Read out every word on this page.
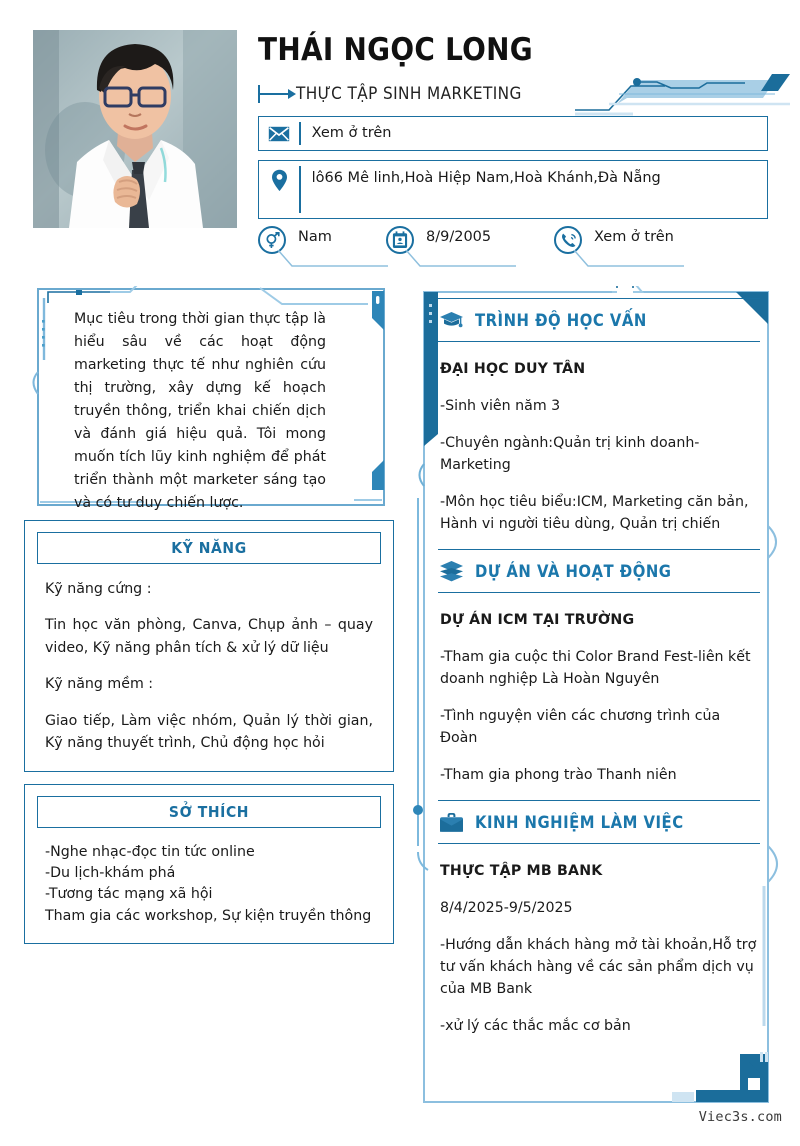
THÁI NGỌC LONG
THỰC TẬP SINH MARKETING
Xem ở trên
lô66 Mê linh,Hoà Hiệp Nam,Hoà Khánh,Đà Nẵng
Nam	8/9/2005	Xem ở trên
Mục tiêu trong thời gian thực tập là hiểu sâu về các hoạt động marketing thực tế như nghiên cứu thị trường, xây dựng kế hoạch truyền thông, triển khai chiến dịch và đánh giá hiệu quả. Tôi mong muốn tích lũy kinh nghiệm để phát triển thành một marketer sáng tạo và có tư duy chiến lược.
KỸ NĂNG

Kỹ năng cứng :

Tin học văn phòng, Canva, Chụp ảnh – quay video, Kỹ năng phân tích & xử lý dữ liệu

Kỹ năng mềm :

Giao tiếp, Làm việc nhóm, Quản lý thời gian, Kỹ năng thuyết trình, Chủ động học hỏi

SỞ THÍCH
-Nghe nhạc-đọc tin tức online
-Du lịch-khám phá
-Tương tác mạng xã hội
Tham gia các workshop, Sự kiện truyền thông
TRÌNH ĐỘ HỌC VẤN

ĐẠI HỌC DUY TÂN

-Sinh viên năm 3

-Chuyên ngành:Quản trị kinh doanh-Marketing

-Môn học tiêu biểu:ICM, Marketing căn bản, Hành vi người tiêu dùng, Quản trị chiến

DỰ ÁN VÀ HOẠT ĐỘNG

DỰ ÁN ICM TẠI TRƯỜNG

-Tham gia cuộc thi Color Brand Fest-liên kết doanh nghiệp Là Hoàn Nguyên

-Tình nguyện viên các chương trình của Đoàn

-Tham gia phong trào Thanh niên

KINH NGHIỆM LÀM VIỆC

THỰC TẬP MB BANK

8/4/2025-9/5/2025

-Hướng dẫn khách hàng mở tài khoản,Hỗ trợ tư vấn khách hàng về các sản phẩm dịch vụ của MB Bank

-xử lý các thắc mắc cơ bản

Viec3s.com
